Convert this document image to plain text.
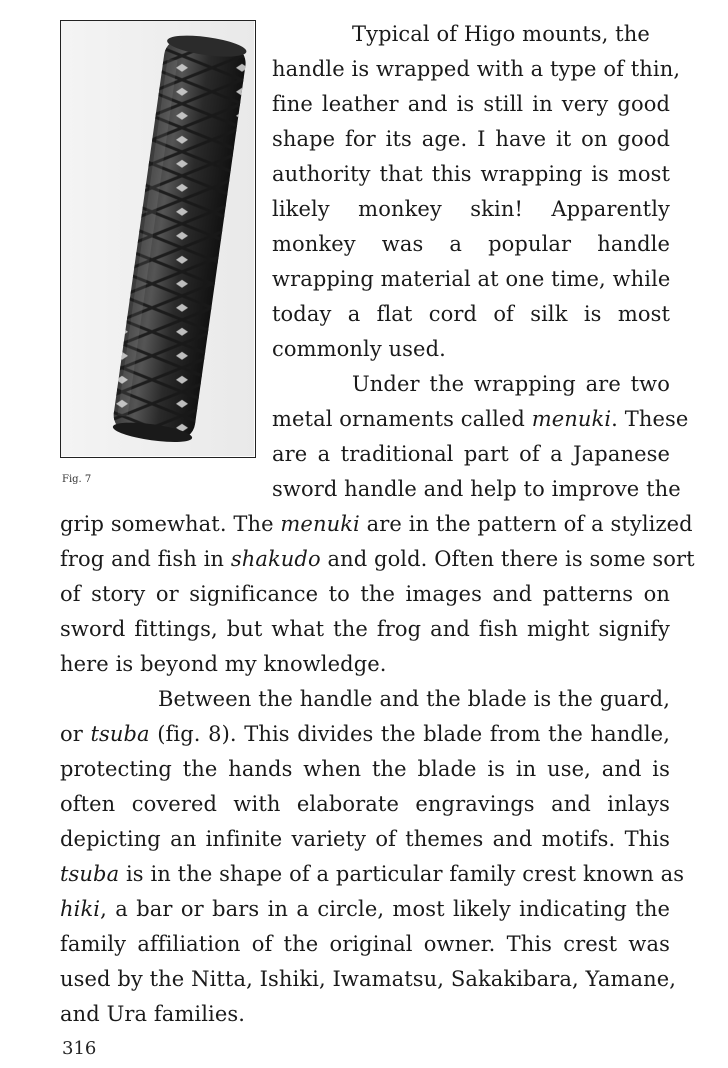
Fig. 7
Typical of Higo mounts, the
handle is wrapped with a type of thin,
fine leather and is still in very good
shape for its age. I have it on good
authority that this wrapping is most
likely monkey skin! Apparently
monkey was a popular handle
wrapping material at one time, while
today a flat cord of silk is most
commonly used.
Under the wrapping are two
metal ornaments called menuki. These
are a traditional part of a Japanese
sword handle and help to improve the
grip somewhat. The menuki are in the pattern of a stylized
frog and fish in shakudo and gold. Often there is some sort
of story or significance to the images and patterns on
sword fittings, but what the frog and fish might signify
here is beyond my knowledge.
Between the handle and the blade is the guard,
or tsuba (fig. 8). This divides the blade from the handle,
protecting the hands when the blade is in use, and is
often covered with elaborate engravings and inlays
depicting an infinite variety of themes and motifs. This
tsuba is in the shape of a particular family crest known as
hiki, a bar or bars in a circle, most likely indicating the
family affiliation of the original owner. This crest was
used by the Nitta, Ishiki, Iwamatsu, Sakakibara, Yamane,
and Ura families.
316
